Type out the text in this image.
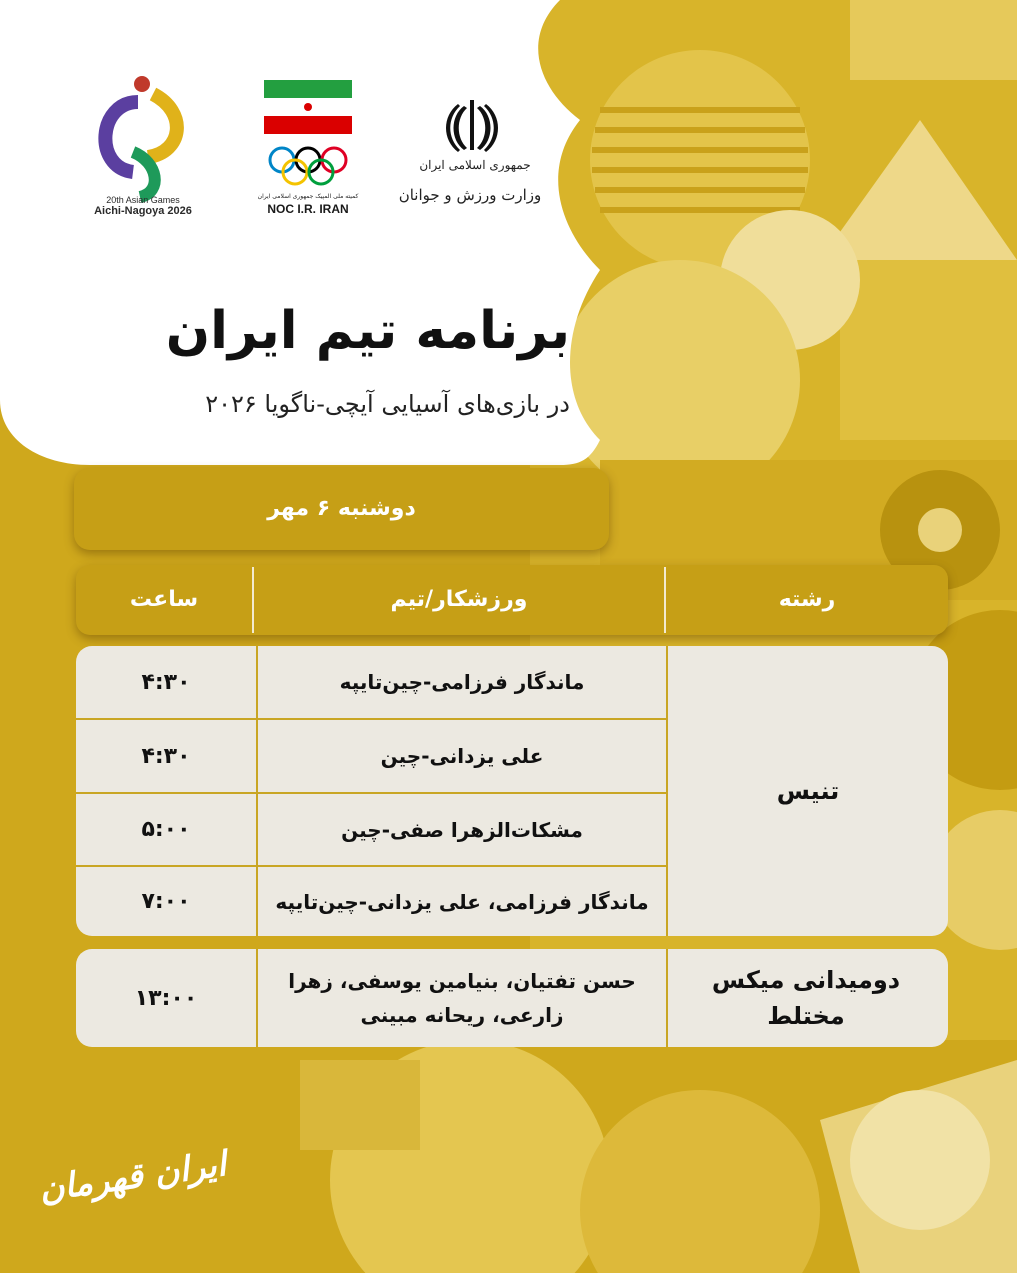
20th Asian Games
Aichi-Nagoya 2026
کمیته ملی المپیک جمهوری اسلامی ایران
NOC I.R. IRAN
جمهوری اسلامی ایران
وزارت ورزش و جوانان
برنامه تیم ایران
در بازی‌های آسیایی آیچی-ناگویا ۲۰۲۶
دوشنبه ۶ مهر
رشته
ورزشکار/تیم
ساعت
تنیس
ماندگار فرزامی-چین‌تایپه
۴:۳۰
علی یزدانی-چین
۴:۳۰
مشکات‌الزهرا صفی-چین
۵:۰۰
ماندگار فرزامی، علی یزدانی-چین‌تایپه
۷:۰۰
دومیدانی میکس مختلط
حسن تفتیان، بنیامین یوسفی، زهرا زارعی، ریحانه مبینی
۱۳:۰۰
ایران قهرمان
